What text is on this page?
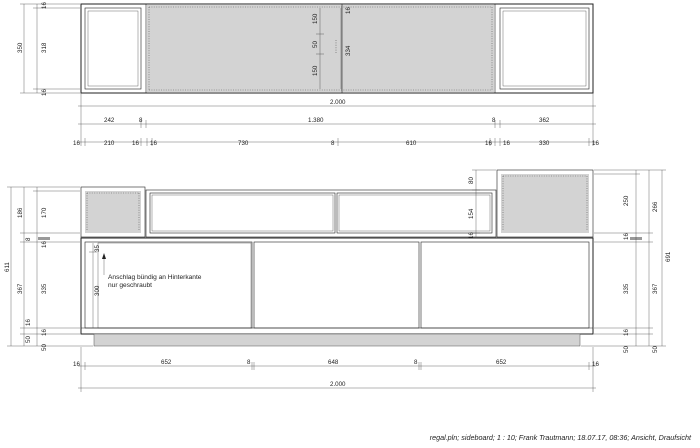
16
350	318
16
150
50
150
334
16
2.000
242	8	1.380	8	362
16	210	16 16	730	8	610	16 16	330	16
Anschlag bündig an Hinterkante
nur geschraubt
611
186	170
8
16
367	335
50
16
50
16
691
250
266
16
335	367
16
50	50
80
154
16
35
300
16	652	8	648	8	652	16
2.000
regal.pln; sideboard; 1 : 10; Frank Trautmann; 18.07.17, 08:36; Ansicht, Draufsicht
